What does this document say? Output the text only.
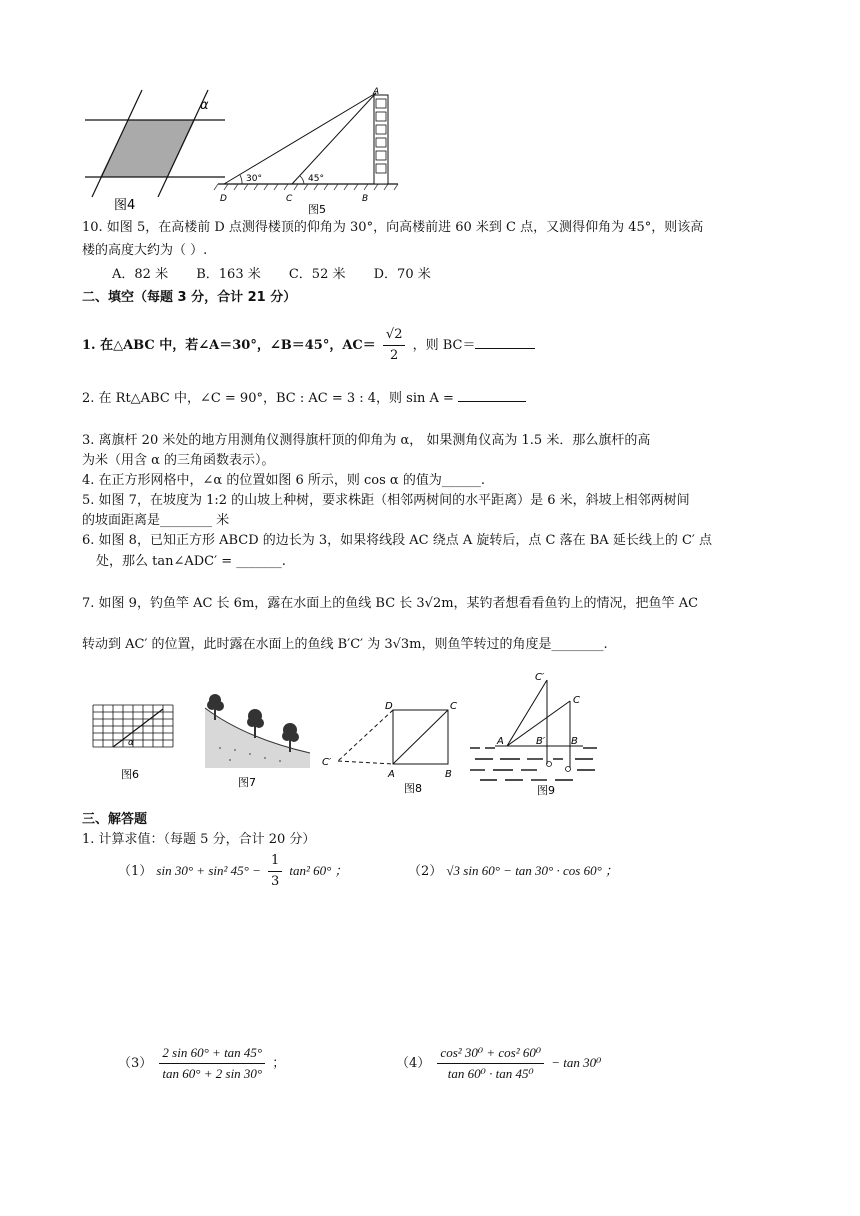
α
图4
30°	45°
A
D	C	B
图5
10. 如图 5，在高楼前 D 点测得楼顶的仰角为 30°，向高楼前进 60 米到 C 点，又测得仰角为 45°，则该高
楼的高度大约为（ ）.
A．82 米 B．163 米 C．52 米 D．70 米
二、填空（每题 3 分，合计 21 分）
1. 在△ABC 中，若∠A＝30°，∠B＝45°，$AC= \frac{√2}{2}$ ，则 BC＝
2. 在 Rt△ABC 中，∠C = 90°，BC : AC = 3 : 4，则 sin A =
3. 离旗杆 20 米处的地方用测角仪测得旗杆顶的仰角为 α， 如果测角仪高为 1.5 米．那么旗杆的高
为米（用含 α 的三角函数表示）。
4. 在正方形网格中，∠α 的位置如图 6 所示，则 cos α 的值为______.
5. 如图 7，在坡度为 1:2 的山坡上种树，要求株距（相邻两树间的水平距离）是 6 米，斜坡上相邻两树间
的坡面距离是________ 米
6. 如图 8，已知正方形 ABCD 的边长为 3，如果将线段 AC 绕点 A 旋转后，点 C 落在 BA 延长线上的 C′ 点
处，那么 tan∠ADC′ = _______.
7. 如图 9，钓鱼竿 AC 长 6m，露在水面上的鱼线 BC 长 3√2m，某钓者想看看鱼钓上的情况，把鱼竿 AC
转动到 AC′ 的位置，此时露在水面上的鱼线 B′C′ 为 3√3m，则鱼竿转过的角度是________.
α
图6
图7
D	C
C′
A	B
图8
C′
C
A	B′	B
图9
三、解答题
1. 计算求值：（每题 5 分，合计 20 分）
（1） sin 30° + sin² $45^\circ - \frac{1}{3} \tan^2$ 60° ；	（2） √3 sin 60° − tan 30° · cos 60° ；
$(3) \frac{2 \sin 60^\circ + \tan 45^\circ}{\tan 60^\circ + 2 \sin 30^\circ}$ ；	$(4) \frac{\text{cos² 30⁰ + cos² 60⁰}}{\text{tan 60⁰ · tan 45⁰}} - \tan 30^0$
